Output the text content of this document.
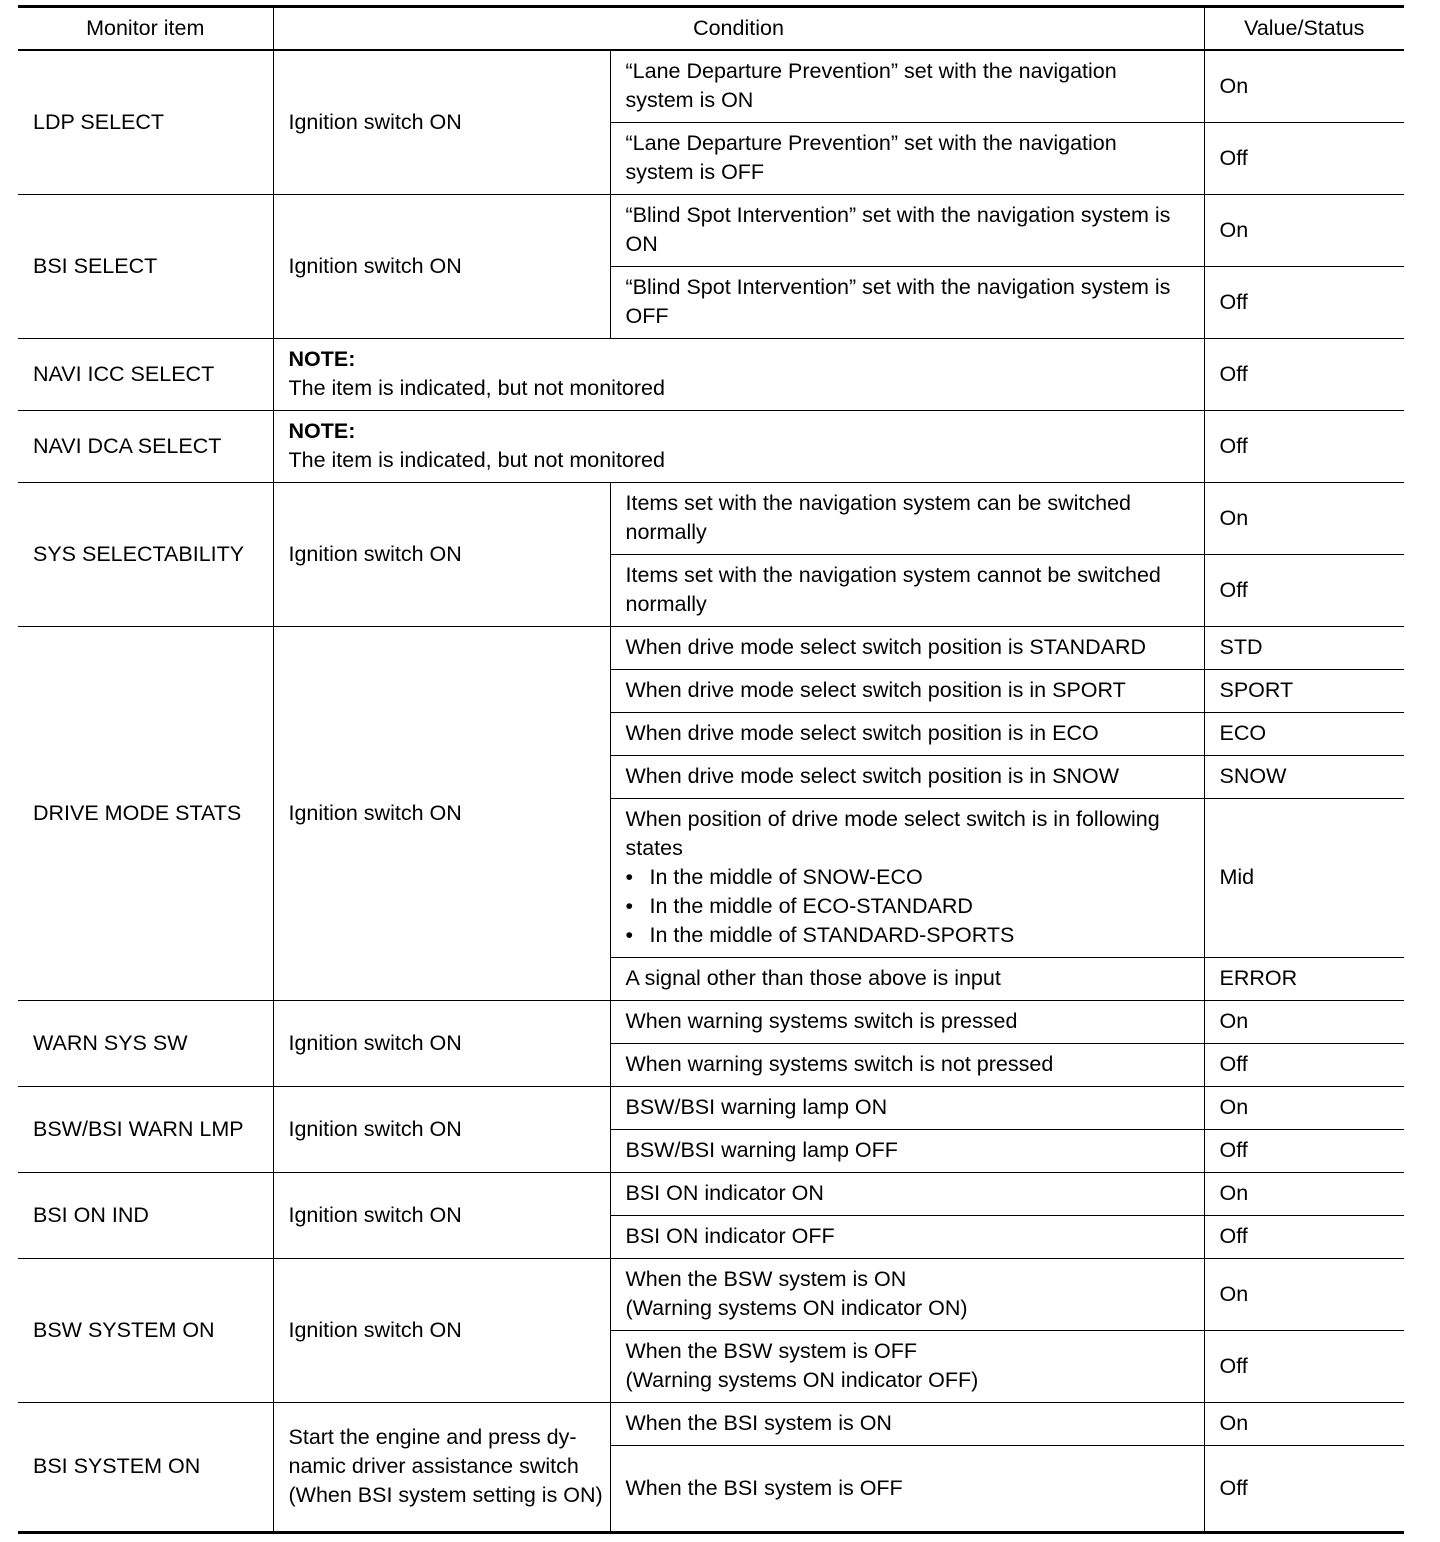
Monitor item	Condition		Value/Status
LDP SELECT	Ignition switch ON	“Lane Departure Prevention” set with the navigation system is ON	On
		“Lane Departure Prevention” set with the navigation system is OFF	Off
BSI SELECT	Ignition switch ON	“Blind Spot Intervention” set with the navigation system is ON	On
		“Blind Spot Intervention” set with the navigation system is OFF	Off
NAVI ICC SELECT	NOTE:
The item is indicated, but not monitored		Off
NAVI DCA SELECT	NOTE:
The item is indicated, but not monitored		Off
SYS SELECTABILITY	Ignition switch ON	Items set with the navigation system can be switched normally	On
		Items set with the navigation system cannot be switched normally	Off
DRIVE MODE STATS	Ignition switch ON	When drive mode select switch position is STANDARD	STD
		When drive mode select switch position is in SPORT	SPORT
		When drive mode select switch position is in ECO	ECO
		When drive mode select switch position is in SNOW	SNOW
		When position of drive mode select switch is in following states
• In the middle of SNOW-ECO
• In the middle of ECO-STANDARD
• In the middle of STANDARD-SPORTS	Mid
		A signal other than those above is input	ERROR
WARN SYS SW	Ignition switch ON	When warning systems switch is pressed	On
		When warning systems switch is not pressed	Off
BSW/BSI WARN LMP	Ignition switch ON	BSW/BSI warning lamp ON	On
		BSW/BSI warning lamp OFF	Off
BSI ON IND	Ignition switch ON	BSI ON indicator ON	On
		BSI ON indicator OFF	Off
BSW SYSTEM ON	Ignition switch ON	When the BSW system is ON
(Warning systems ON indicator ON)	On

		When the BSW system is OFF
(Warning systems ON indicator OFF)	Off
BSI SYSTEM ON	Start the engine and press dy-namic driver assistance switch (When BSI system setting is ON)	When the BSI system is ON	On
		When the BSI system is OFF	Off
